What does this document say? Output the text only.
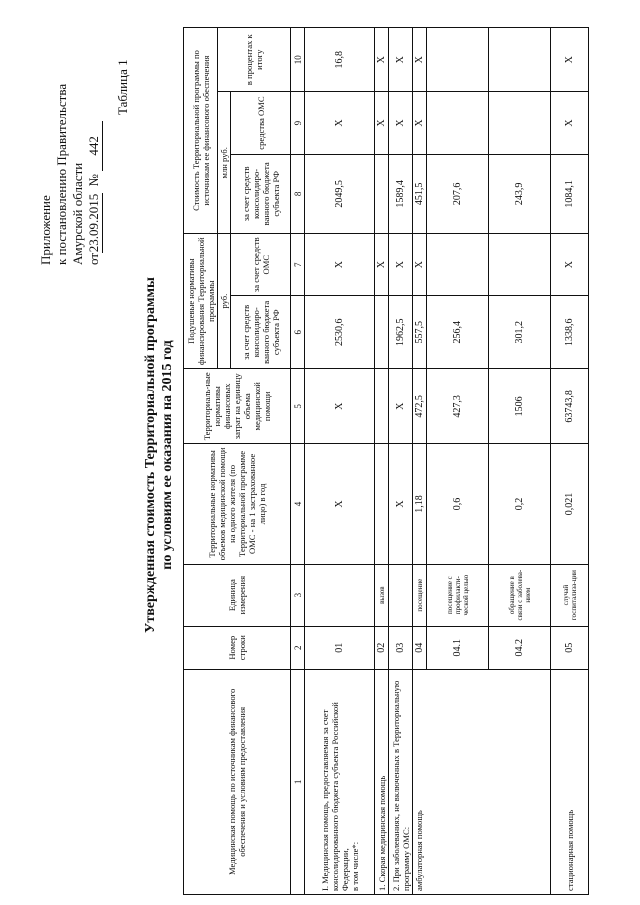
Приложение к постановлению Правительства Амурской области от23.09.2015  № 442
Таблица 1
Утвержденная стоимость Территориальной программы по условиям ее оказания на 2015 год
Медицинская помощь по источникам финансового обеспечения и условиям предоставления	Номер строки	Единица измерения	Территориальные нормативы объемов медицинской помощи на одного жителя (по Территориальной программе ОМС - на 1 застрахованное лицо) в год	Территориаль-ные нормативы финансовых затрат на единицу объема медицинской помощи	Подушевые нормативы финансирования Территориальной программы		Стоимость Территориальной программы по источникам ее финансового обеспечения		
					руб.		млн руб.		в процентах к итогу
					за счет средств консолидиро-ванного бюджета субъекта РФ	за счет средств ОМС	за счет средств консолидиро-ванного бюджета субъекта РФ	средства ОМС	
1	2	3	4	5	6	7	8	9	10
I. Медицинская помощь, предоставляемая за счет консолидированного бюджета субъекта Российской Федерации,
в том числе*:	01		X	X	2530,6	X	2049,5	X	16,8
1. Скорая медицинская помощь	02	вызов				X		X	X
2. При заболеваниях, не включенных в Территориальную программу ОМС:	03		X	X	1962,5	X	1589,4	X	X
амбулаторная помощь	04	посещение	1,18	472,5	557,5	X	451,5	X	X
	04.1	посещение с профилакти-ческой целью	0,6	427,3	256,4		207,6		
	04.2	обращение в связи с заболева-нием	0,2	1506	301,2		243,9		
стационарная помощь	05	случай госпитализа-ции	0,021	63743,8	1338,6	X	1084,1	X	X
